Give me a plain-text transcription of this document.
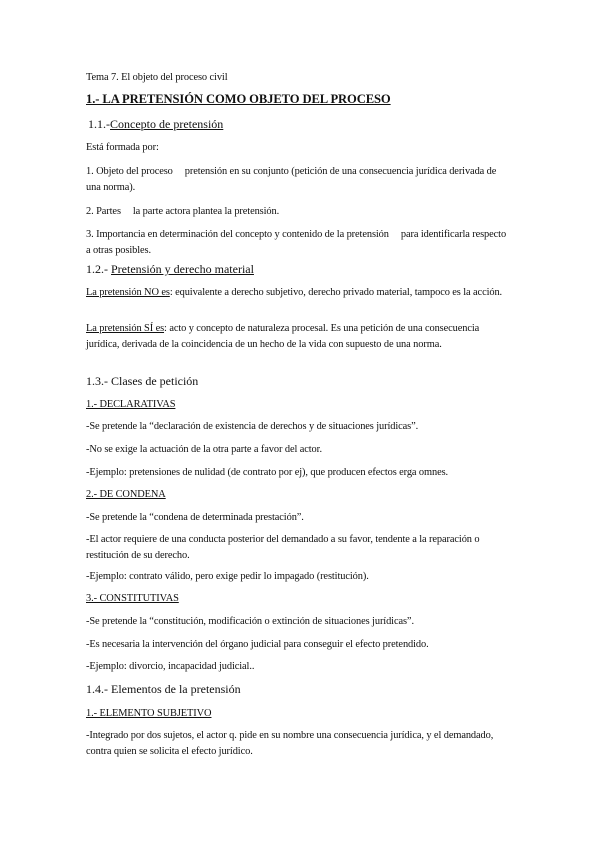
Tema 7. El objeto del proceso civil

1.- LA PRETENSIÓN COMO OBJETO DEL PROCESO

1.1.-Concepto de pretensión

Está formada por:

1. Objeto del proceso pretensión en su conjunto (petición de una consecuencia jurídica derivada de una norma).

2. Partes la parte actora plantea la pretensión.

3. Importancia en determinación del concepto y contenido de la pretensión para identificarla respecto a otras posibles.

1.2.- Pretensión y derecho material

La pretensión NO es: equivalente a derecho subjetivo, derecho privado material, tampoco es la acción.

La pretensión SÍ es: acto y concepto de naturaleza procesal. Es una petición de una consecuencia jurídica, derivada de la coincidencia de un hecho de la vida con supuesto de una norma.

1.3.- Clases de petición

1.- DECLARATIVAS

-Se pretende la “declaración de existencia de derechos y de situaciones jurídicas”.

-No se exige la actuación de la otra parte a favor del actor.

-Ejemplo: pretensiones de nulidad (de contrato por ej), que producen efectos erga omnes.

2.- DE CONDENA

-Se pretende la “condena de determinada prestación”.

-El actor requiere de una conducta posterior del demandado a su favor, tendente a la reparación o restitución de su derecho.

-Ejemplo: contrato válido, pero exige pedir lo impagado (restitución).

3.- CONSTITUTIVAS

-Se pretende la “constitución, modificación o extinción de situaciones jurídicas”.

-Es necesaria la intervención del órgano judicial para conseguir el efecto pretendido.

-Ejemplo: divorcio, incapacidad judicial..

1.4.- Elementos de la pretensión

1.- ELEMENTO SUBJETIVO

-Integrado por dos sujetos, el actor q. pide en su nombre una consecuencia jurídica, y el demandado, contra quien se solicita el efecto jurídico.
